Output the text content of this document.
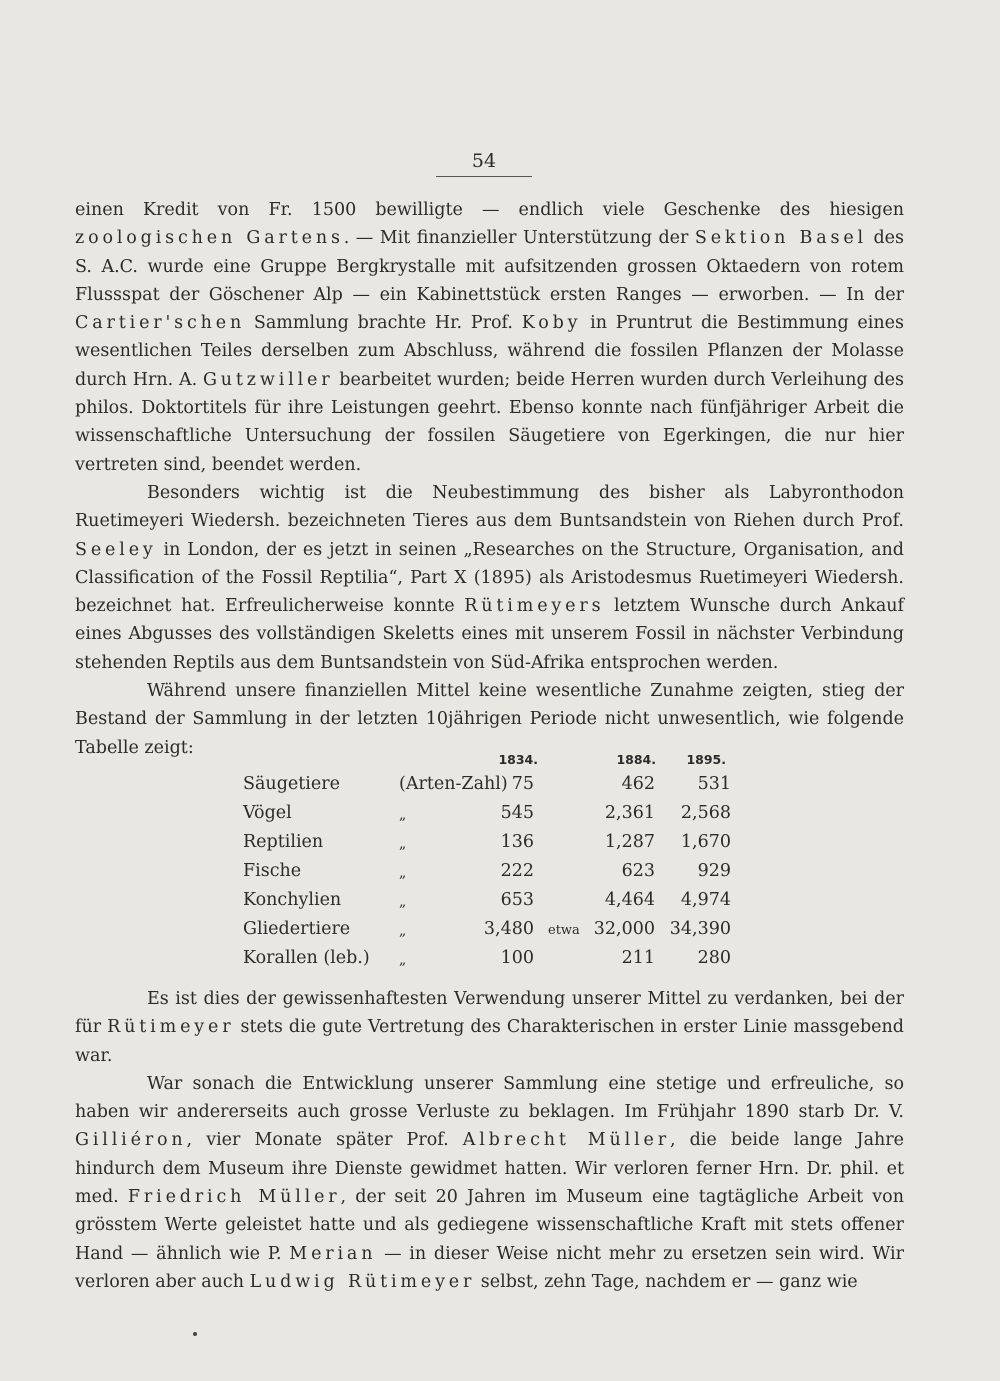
54

einen Kredit von Fr. 1500 bewilligte — endlich viele Geschenke des hiesigen zoologischen Gartens. — Mit finanzieller Unterstützung der Sektion Basel des S. A.C. wurde eine Gruppe Bergkrystalle mit aufsitzenden grossen Oktaedern von rotem Flussspat der Göschener Alp — ein Kabinettstück ersten Ranges — erworben. — In der Cartier'schen Sammlung brachte Hr. Prof. Koby in Pruntrut die Bestimmung eines wesentlichen Teiles derselben zum Abschluss, während die fossilen Pflanzen der Molasse durch Hrn. A. Gutzwiller bearbeitet wurden; beide Herren wurden durch Verleihung des philos. Doktortitels für ihre Leistungen geehrt. Ebenso konnte nach fünfjähriger Arbeit die wissenschaftliche Untersuchung der fossilen Säugetiere von Egerkingen, die nur hier vertreten sind, beendet werden.

Besonders wichtig ist die Neubestimmung des bisher als Labyronthodon Ruetimeyeri Wiedersh. bezeichneten Tieres aus dem Buntsandstein von Riehen durch Prof. Seeley in London, der es jetzt in seinen „Researches on the Structure, Organisation, and Classification of the Fossil Reptilia“, Part X (1895) als Aristodesmus Ruetimeyeri Wiedersh. bezeichnet hat. Erfreulicherweise konnte Rütimeyers letztem Wunsche durch Ankauf eines Abgusses des vollständigen Skeletts eines mit unserem Fossil in nächster Verbindung stehenden Reptils aus dem Buntsandstein von Süd-Afrika entsprochen werden.

Während unsere finanziellen Mittel keine wesentliche Zunahme zeigten, stieg der Bestand der Sammlung in der letzten 10jährigen Periode nicht unwesentlich, wie folgende Tabelle zeigt:

1834.	1884. 1895.
Säugetiere	(Arten-Zahl) 75	462 531
Vögel	„	545	2,361 2,568
Reptilien	„	136	1,287 1,670
Fische	„	222	623 929
Konchylien	„	653	4,464 4,974
Gliedertiere	„	3,480 etwa 32,000 34,390
Korallen (leb.) „	100	211 280

Es ist dies der gewissenhaftesten Verwendung unserer Mittel zu verdanken, bei der für Rütimeyer stets die gute Vertretung des Charakterischen in erster Linie massgebend war.

War sonach die Entwicklung unserer Sammlung eine stetige und erfreuliche, so haben wir andererseits auch grosse Verluste zu beklagen. Im Frühjahr 1890 starb Dr. V. Gilliéron, vier Monate später Prof. Albrecht Müller, die beide lange Jahre hindurch dem Museum ihre Dienste gewidmet hatten. Wir verloren ferner Hrn. Dr. phil. et med. Friedrich Müller, der seit 20 Jahren im Museum eine tagtägliche Arbeit von grösstem Werte geleistet hatte und als gediegene wissenschaftliche Kraft mit stets offener Hand — ähnlich wie P. Merian — in dieser Weise nicht mehr zu ersetzen sein wird. Wir verloren aber auch Ludwig Rütimeyer selbst, zehn Tage, nachdem er — ganz wie
